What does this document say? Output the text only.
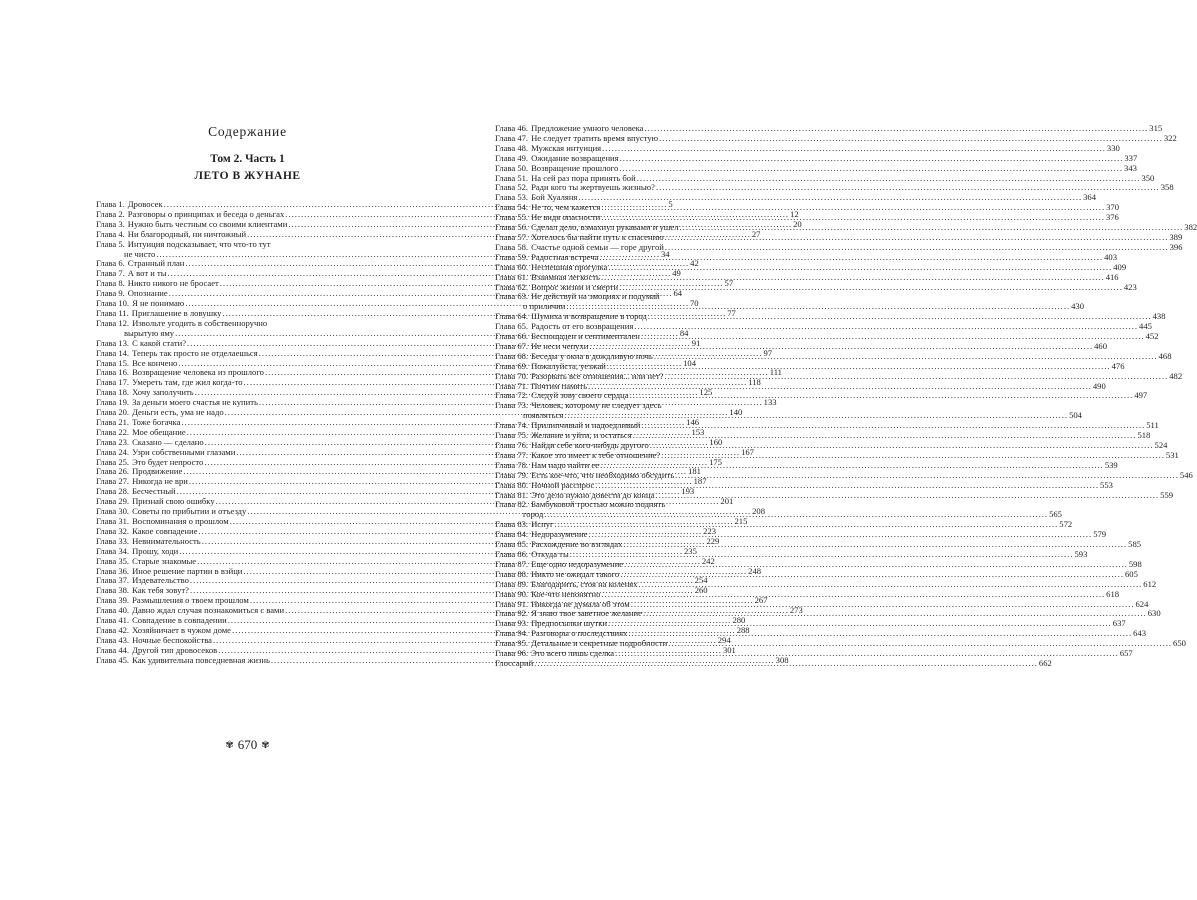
Содержание
Том 2. Часть 1
ЛЕТО В ЖУНАНЕ
Глава 1. Дровосек .....	5
Глава 2. Разговоры о принципах и беседа о деньгах .....	12
Глава 3. Нужно быть честным со своими клиентами .....	20
Глава 4. Ни благородный, ни ничтожный .....	27
Глава 5. Интуиция подсказывает, что что-то тут
не чисто .....	34
Глава 6. Странный план .....	42
Глава 7. А вот и ты .....	49
Глава 8. Никто никого не бросает .....	57
Глава 9. Опознание .....	64
Глава 10. Я не понимаю .....	70
Глава 11. Приглашение в ловушку .....	77
Глава 12. Извольте угодить в собственноручно
вырытую яму .....	84
Глава 13. С какой стати? .....	91
Глава 14. Теперь так просто не отделаешься .....	97
Глава 15. Все кончено .....	104
Глава 16. Возвращение человека из прошлого .....	111
Глава 17. Умереть там, где жил когда-то .....	118
Глава 18. Хочу заполучить .....	125
Глава 19. За деньги моего счастья не купить .....	133
Глава 20. Деньги есть, ума не надо .....	140
Глава 21. Тоже богачка .....	146
Глава 22. Мое обещание .....	153
Глава 23. Сказано — сделано .....	160
Глава 24. Узри собственными глазами .....	167
Глава 25. Это будет непросто .....	175
Глава 26. Продвижение .....	181
Глава 27. Никогда не ври .....	187
Глава 28. Бесчестный .....	193
Глава 29. Признай свою ошибку .....	201
Глава 30. Советы по прибытии и отъезду .....	208
Глава 31. Воспоминания о прошлом .....	215
Глава 32. Какое совпадение .....	223
Глава 33. Невнимательность .....	229
Глава 34. Прошу, ходи .....	235
Глава 35. Старые знакомые .....	242
Глава 36. Иное решение партии в вэйци .....	248
Глава 37. Издевательство .....	254
Глава 38. Как тебя зовут? .....	260
Глава 39. Размышления о твоем прошлом .....	267
Глава 40. Давно ждал случая познакомиться с вами .....	273
Глава 41. Совпадение в совпадении .....	280
Глава 42. Хозяйничает в чужом доме .....	288
Глава 43. Ночные беспокойства .....	294
Глава 44. Другой тип дровосеков .....	301
Глава 45. Как удивительна повседневная жизнь .....	308
Глава 46. Предложение умного человека .....	315
Глава 47. Не следует тратить время впустую .....	322
Глава 48. Мужская интуиция .....	330
Глава 49. Ожидание возвращения .....	337
Глава 50. Возвращение прошлого .....	343
Глава 51. На сей раз пора принять бой .....	350
Глава 52. Ради кого ты жертвуешь жизнью? .....	358
Глава 53. Бой Хуаляня .....	364
Глава 54. Не то, чем кажется .....	370
Глава 55. Не видя опасности .....	376
Глава 56. Сделал дело, взмахнул рукавами и ушел .....	382
Глава 57. Хотелось бы найти путь к спасению .....	389
Глава 58. Счастье одной семьи — горе другой .....	396
Глава 59. Радостная встреча .....	403
Глава 60. Неспешная прогулка .....	409
Глава 61. Взаимная легкость .....	416
Глава 62. Вопрос жизни и смерти .....	423
Глава 63. Не действуй на эмоциях и подумай
о приличии .....	430
Глава 64. Шумиха и возвращение в город .....	438
Глава 65. Радость от его возвращения .....	445
Глава 66. Беспощаден и сентиментален .....	452
Глава 67. Не неси чепухи .....	460
Глава 68. Беседы у окна в дождливую ночь .....	468
Глава 69. Пожалуйста, уезжай .....	476
Глава 70. Разорвать все отношения... или нет? .....	482
Глава 71. Почтим память .....	490
Глава 72. Следуй зову своего сердца .....	497
Глава 73. Человек, которому не следует здесь
появляться .....	504
Глава 74. Прилипчивый и надоедливый .....	511
Глава 75. Желание и уйти, и остаться .....	518
Глава 76. Найди себе кого-нибудь другого .....	524
Глава 77. Какое это имеет к тебе отношение? .....	531
Глава 78. Нам надо найти ее .....	539
Глава 79. Есть кое-что, что необходимо обсудить .....	546
Глава 80. Ночной расспрос .....	553
Глава 81. Это дело нужно довести до конца .....	559
Глава 82. Бамбуковой тростью можно поднять
город .....	565
Глава 83. Испуг .....	572
Глава 84. Недоразумение .....	579
Глава 85. Расхождение во взглядах .....	585
Глава 86. Откуда ты .....	593
Глава 87. Еще одно недоразумение .....	598
Глава 88. Никто не ожидал такого .....	605
Глава 89. Благодарить, стоя на коленях .....	612
Глава 90. Кое-что непонятно .....	618
Глава 91. Никогда не думала об этом .....	624
Глава 92. Я знаю твое заветное желание .....	630
Глава 93. Предпосылки шутки .....	637
Глава 94. Разговоры о последствиях .....	643
Глава 95. Детальные и секретные подробности .....	650
Глава 96. Это всего лишь сделка .....	657
Глоссарий .....	662
✾ 670 ✾
